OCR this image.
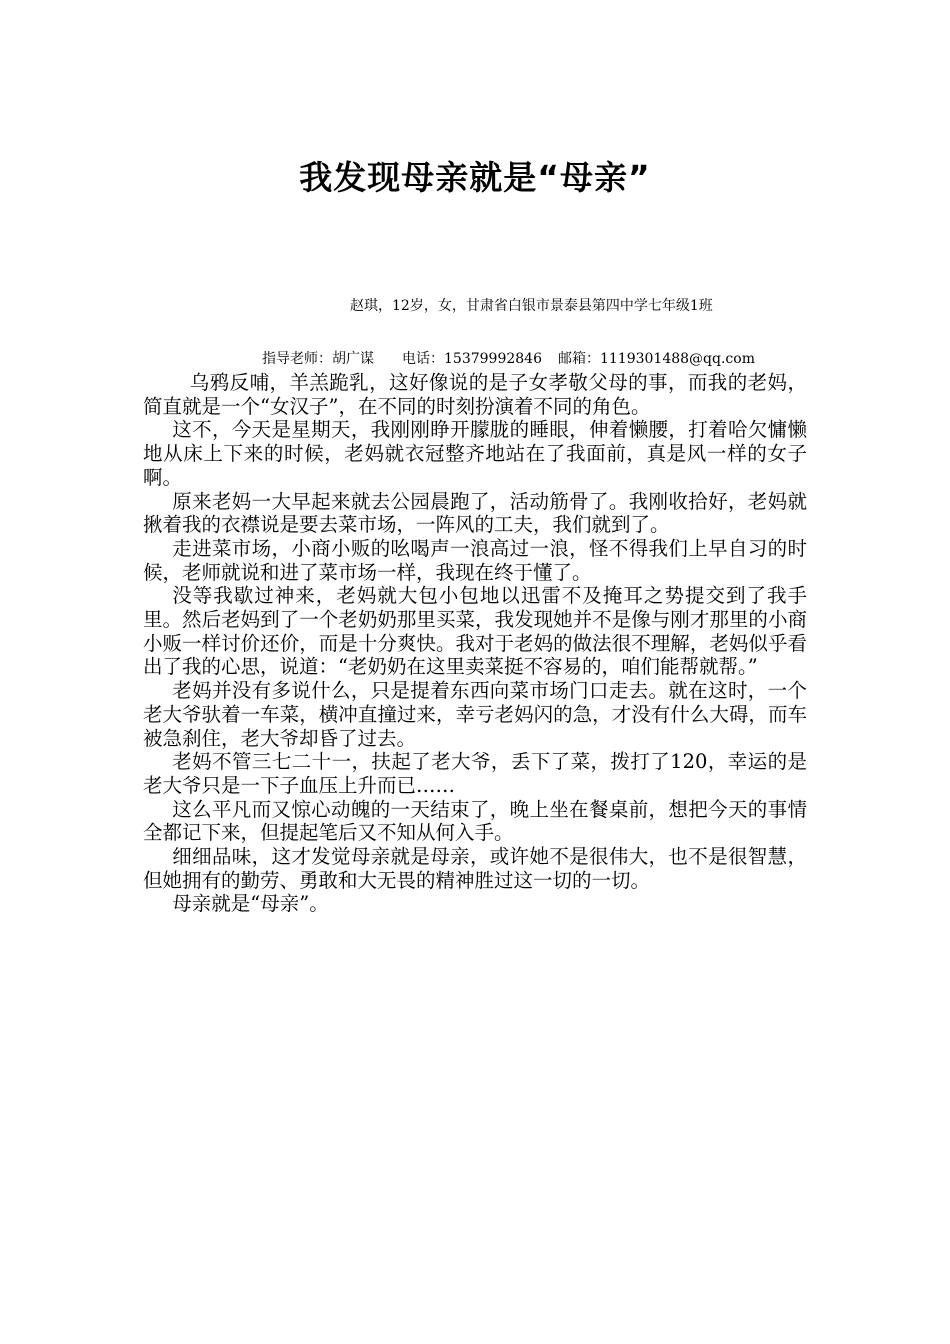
我发现母亲就是“母亲”
赵琪，12岁，女，甘肃省白银市景泰县第四中学七年级1班
指导老师：胡广谋 电话：15379992846 邮箱：1119301488@qq.com

乌鸦反哺，羊羔跪乳，这好像说的是子女孝敬父母的事，而我的老妈，简直就是一个“女汉子”，在不同的时刻扮演着不同的角色。

这不，今天是星期天，我刚刚睁开朦胧的睡眼，伸着懒腰，打着哈欠慵懒地从床上下来的时候，老妈就衣冠整齐地站在了我面前，真是风一样的女子啊。

原来老妈一大早起来就去公园晨跑了，活动筋骨了。我刚收拾好，老妈就揪着我的衣襟说是要去菜市场，一阵风的工夫，我们就到了。

走进菜市场，小商小贩的吆喝声一浪高过一浪，怪不得我们上早自习的时候，老师就说和进了菜市场一样，我现在终于懂了。

没等我歇过神来，老妈就大包小包地以迅雷不及掩耳之势提交到了我手里。然后老妈到了一个老奶奶那里买菜，我发现她并不是像与刚才那里的小商小贩一样讨价还价，而是十分爽快。我对于老妈的做法很不理解，老妈似乎看出了我的心思，说道：“老奶奶在这里卖菜挺不容易的，咱们能帮就帮。”

老妈并没有多说什么，只是提着东西向菜市场门口走去。就在这时，一个老大爷驮着一车菜，横冲直撞过来，幸亏老妈闪的急，才没有什么大碍，而车被急刹住，老大爷却昏了过去。

老妈不管三七二十一，扶起了老大爷，丢下了菜，拨打了120，幸运的是老大爷只是一下子血压上升而已……

这么平凡而又惊心动魄的一天结束了，晚上坐在餐桌前，想把今天的事情全都记下来，但提起笔后又不知从何入手。

细细品味，这才发觉母亲就是母亲，或许她不是很伟大，也不是很智慧，但她拥有的勤劳、勇敢和大无畏的精神胜过这一切的一切。

母亲就是“母亲”。
